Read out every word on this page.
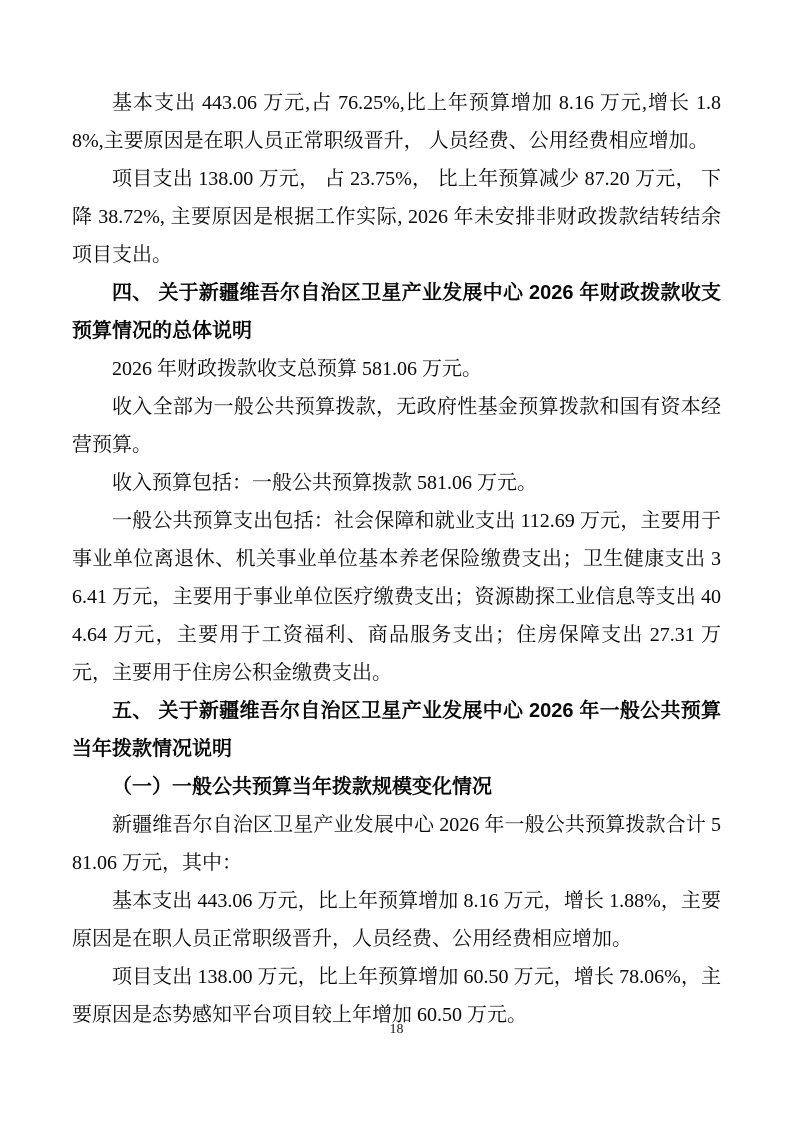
基本支出 443.06 万元,占 76.25%,比上年预算增加 8.16 万元,增长 1.88%,主要原因是在职人员正常职级晋升， 人员经费、公用经费相应增加。

项目支出 138.00 万元， 占 23.75%， 比上年预算减少 87.20 万元， 下降 38.72%, 主要原因是根据工作实际, 2026 年未安排非财政拨款结转结余项目支出。

四、 关于新疆维吾尔自治区卫星产业发展中心 2026 年财政拨款收支预算情况的总体说明

2026 年财政拨款收支总预算 581.06 万元。

收入全部为一般公共预算拨款，无政府性基金预算拨款和国有资本经营预算。

收入预算包括：一般公共预算拨款 581.06 万元。

一般公共预算支出包括：社会保障和就业支出 112.69 万元，主要用于事业单位离退休、机关事业单位基本养老保险缴费支出；卫生健康支出 36.41 万元，主要用于事业单位医疗缴费支出；资源勘探工业信息等支出 404.64 万元，主要用于工资福利、商品服务支出；住房保障支出 27.31 万元，主要用于住房公积金缴费支出。

五、 关于新疆维吾尔自治区卫星产业发展中心 2026 年一般公共预算当年拨款情况说明
（一）一般公共预算当年拨款规模变化情况

新疆维吾尔自治区卫星产业发展中心 2026 年一般公共预算拨款合计 581.06 万元，其中：

基本支出 443.06 万元，比上年预算增加 8.16 万元，增长 1.88%，主要原因是在职人员正常职级晋升，人员经费、公用经费相应增加。

项目支出 138.00 万元，比上年预算增加 60.50 万元，增长 78.06%，主要原因是态势感知平台项目较上年增加 60.50 万元。

18
